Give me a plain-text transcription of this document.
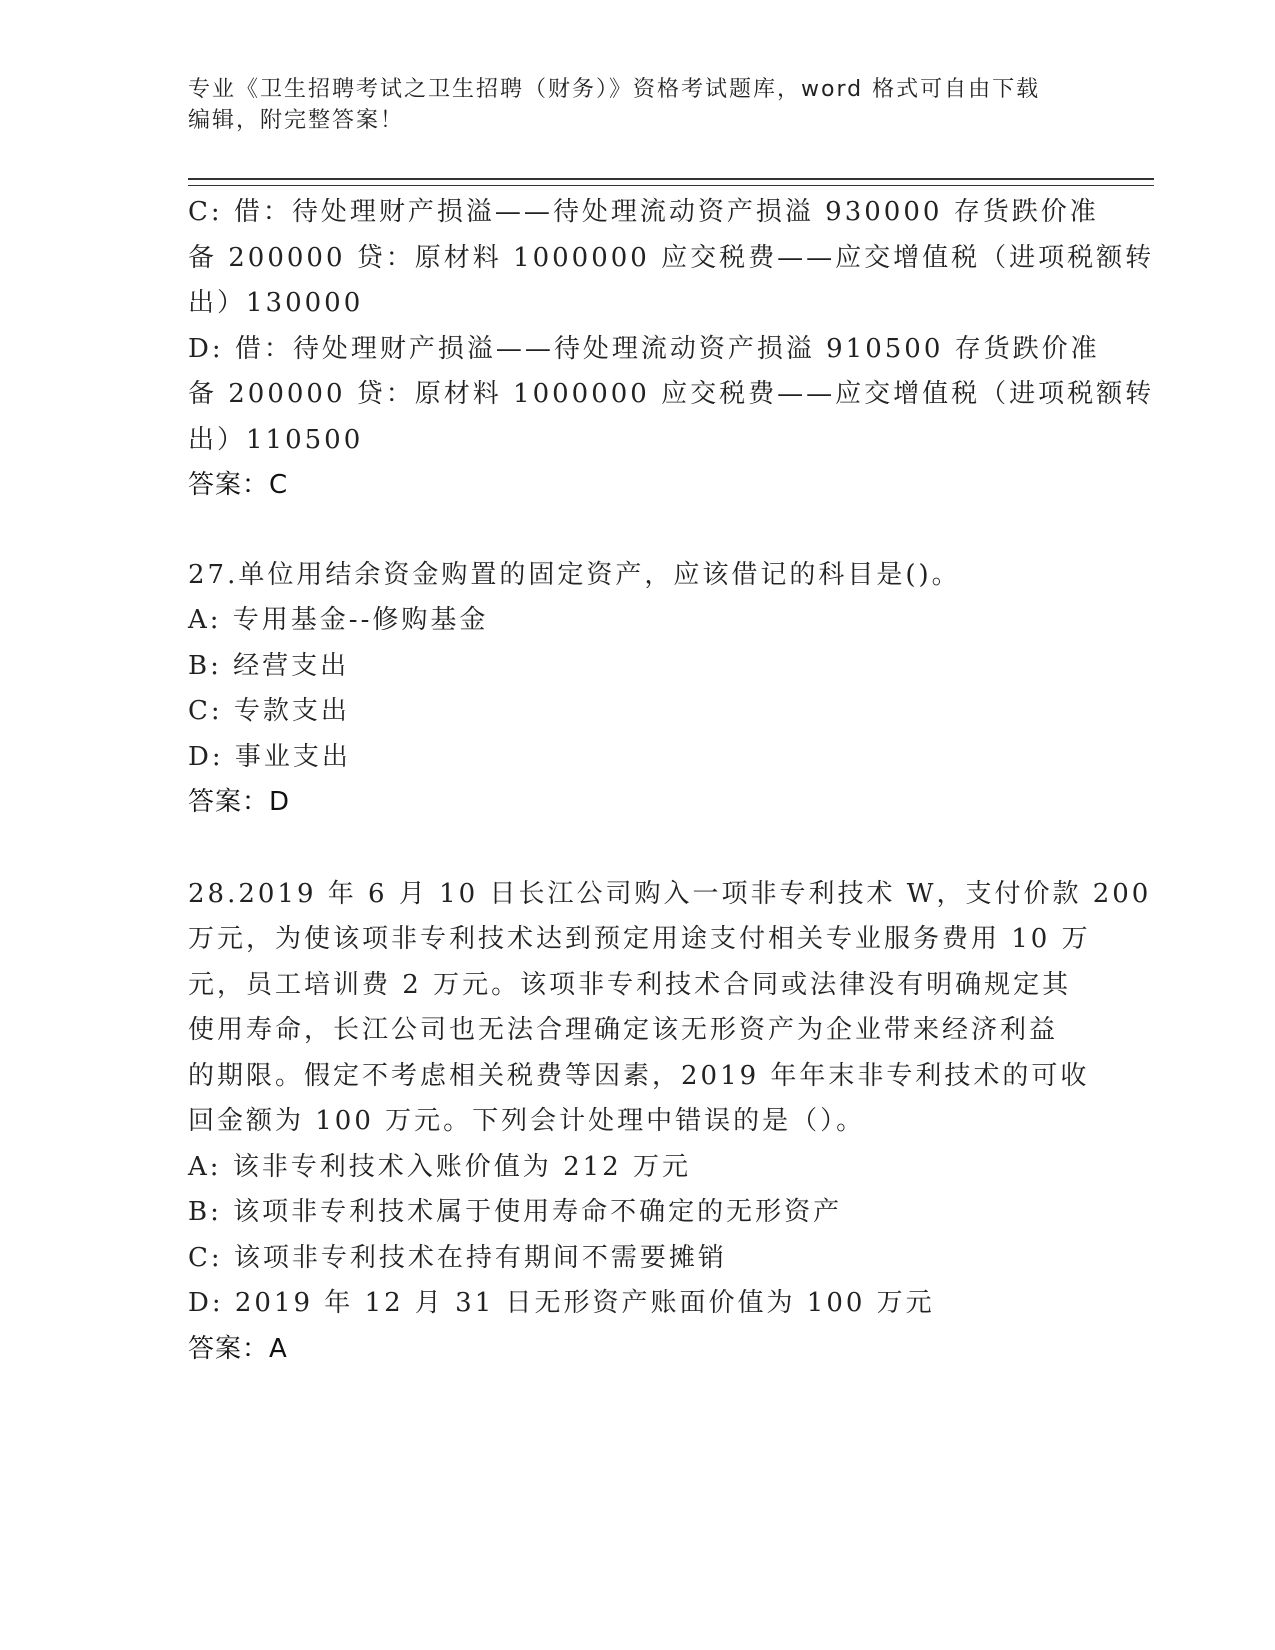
专业《卫生招聘考试之卫生招聘（财务）》资格考试题库，word 格式可自由下载
编辑，附完整答案！
C: 借：待处理财产损溢——待处理流动资产损溢 930000 存货跌价准
备 200000 贷：原材料 1000000 应交税费——应交增值税（进项税额转
出）130000
D: 借：待处理财产损溢——待处理流动资产损溢 910500 存货跌价准
备 200000 贷：原材料 1000000 应交税费——应交增值税（进项税额转
出）110500
答案：C
27.单位用结余资金购置的固定资产，应该借记的科目是()。
A: 专用基金--修购基金
B: 经营支出
C: 专款支出
D: 事业支出
答案：D
28.2019 年 6 月 10 日长江公司购入一项非专利技术 W，支付价款 200
万元，为使该项非专利技术达到预定用途支付相关专业服务费用 10 万
元，员工培训费 2 万元。该项非专利技术合同或法律没有明确规定其
使用寿命，长江公司也无法合理确定该无形资产为企业带来经济利益
的期限。假定不考虑相关税费等因素，2019 年年末非专利技术的可收
回金额为 100 万元。下列会计处理中错误的是（）。
A: 该非专利技术入账价值为 212 万元
B: 该项非专利技术属于使用寿命不确定的无形资产
C: 该项非专利技术在持有期间不需要摊销
D: 2019 年 12 月 31 日无形资产账面价值为 100 万元
答案：A
